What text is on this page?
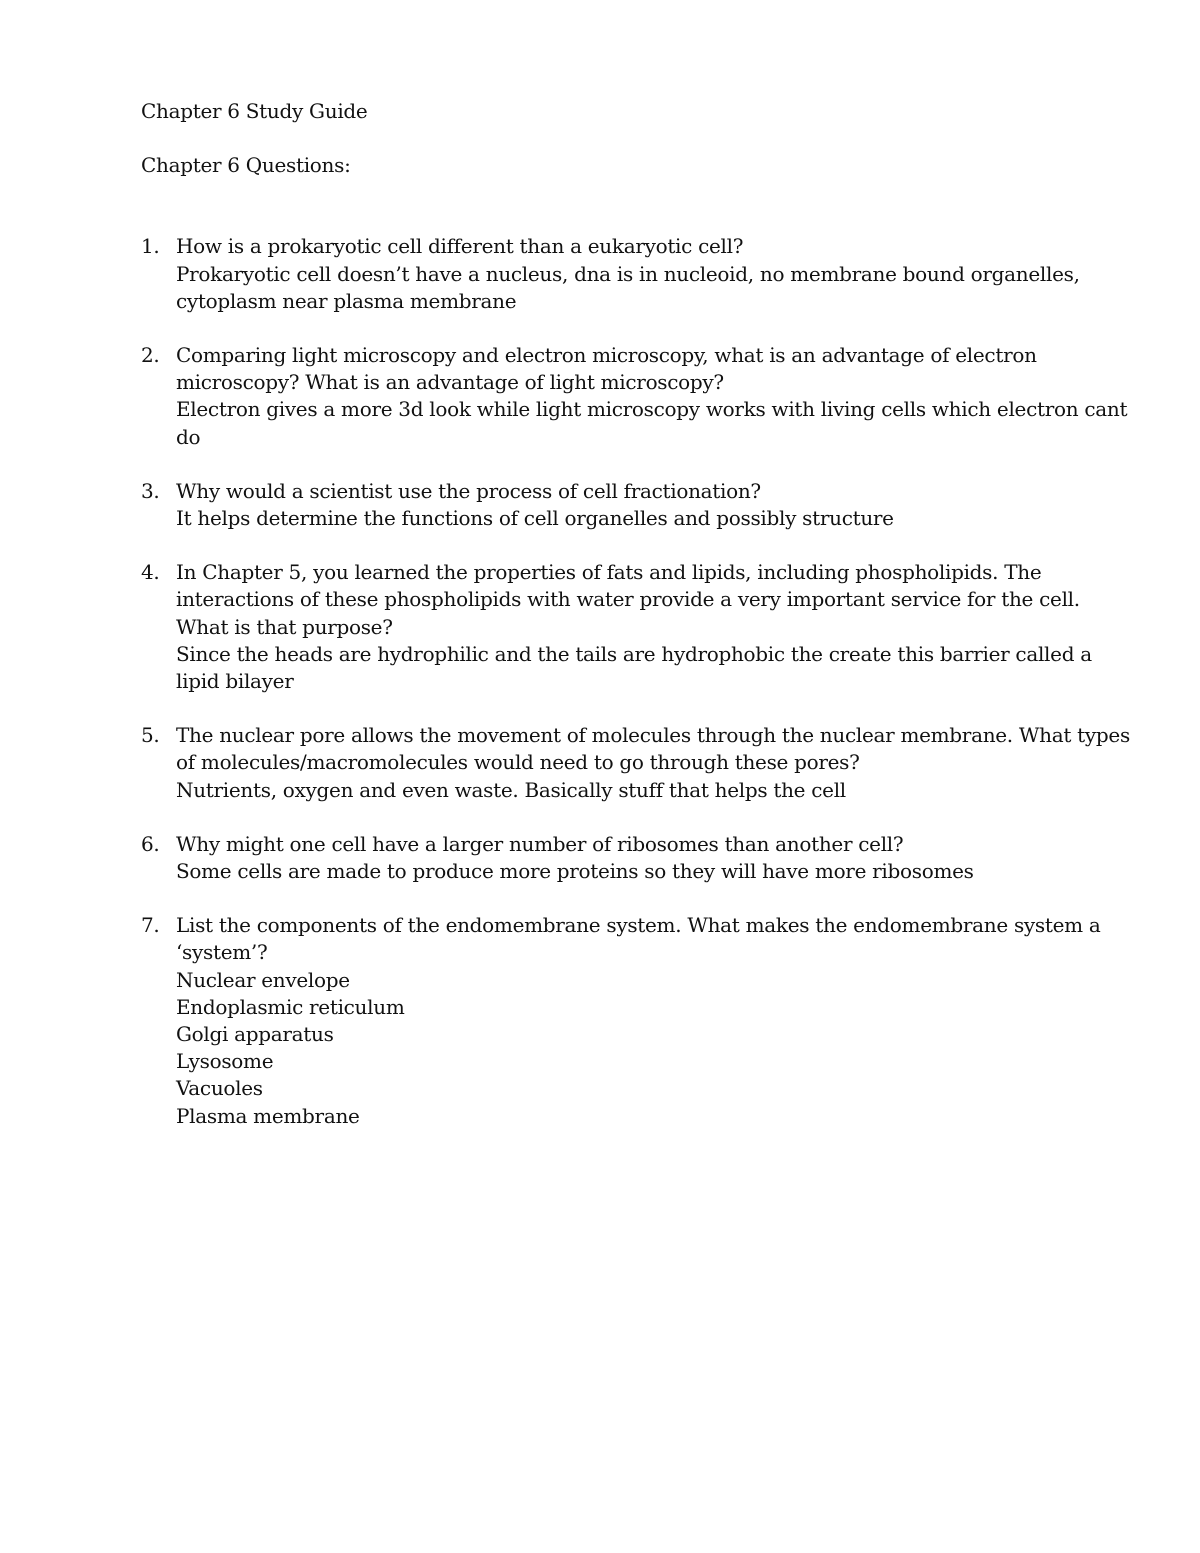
Chapter 6 Study Guide
Chapter 6 Questions:
1. How is a prokaryotic cell different than a eukaryotic cell?
Prokaryotic cell doesn’t have a nucleus, dna is in nucleoid, no membrane bound organelles, cytoplasm near plasma membrane
2. Comparing light microscopy and electron microscopy, what is an advantage of electron microscopy? What is an advantage of light microscopy?
Electron gives a more 3d look while light microscopy works with living cells which electron cant do
3. Why would a scientist use the process of cell fractionation?
It helps determine the functions of cell organelles and possibly structure
4. In Chapter 5, you learned the properties of fats and lipids, including phospholipids. The interactions of these phospholipids with water provide a very important service for the cell. What is that purpose?
Since the heads are hydrophilic and the tails are hydrophobic the create this barrier called a lipid bilayer
5. The nuclear pore allows the movement of molecules through the nuclear membrane. What types of molecules/macromolecules would need to go through these pores?
Nutrients, oxygen and even waste. Basically stuff that helps the cell
6. Why might one cell have a larger number of ribosomes than another cell?
Some cells are made to produce more proteins so they will have more ribosomes
7. List the components of the endomembrane system. What makes the endomembrane system a ‘system’?
Nuclear envelope
Endoplasmic reticulum
Golgi apparatus
Lysosome
Vacuoles
Plasma membrane
